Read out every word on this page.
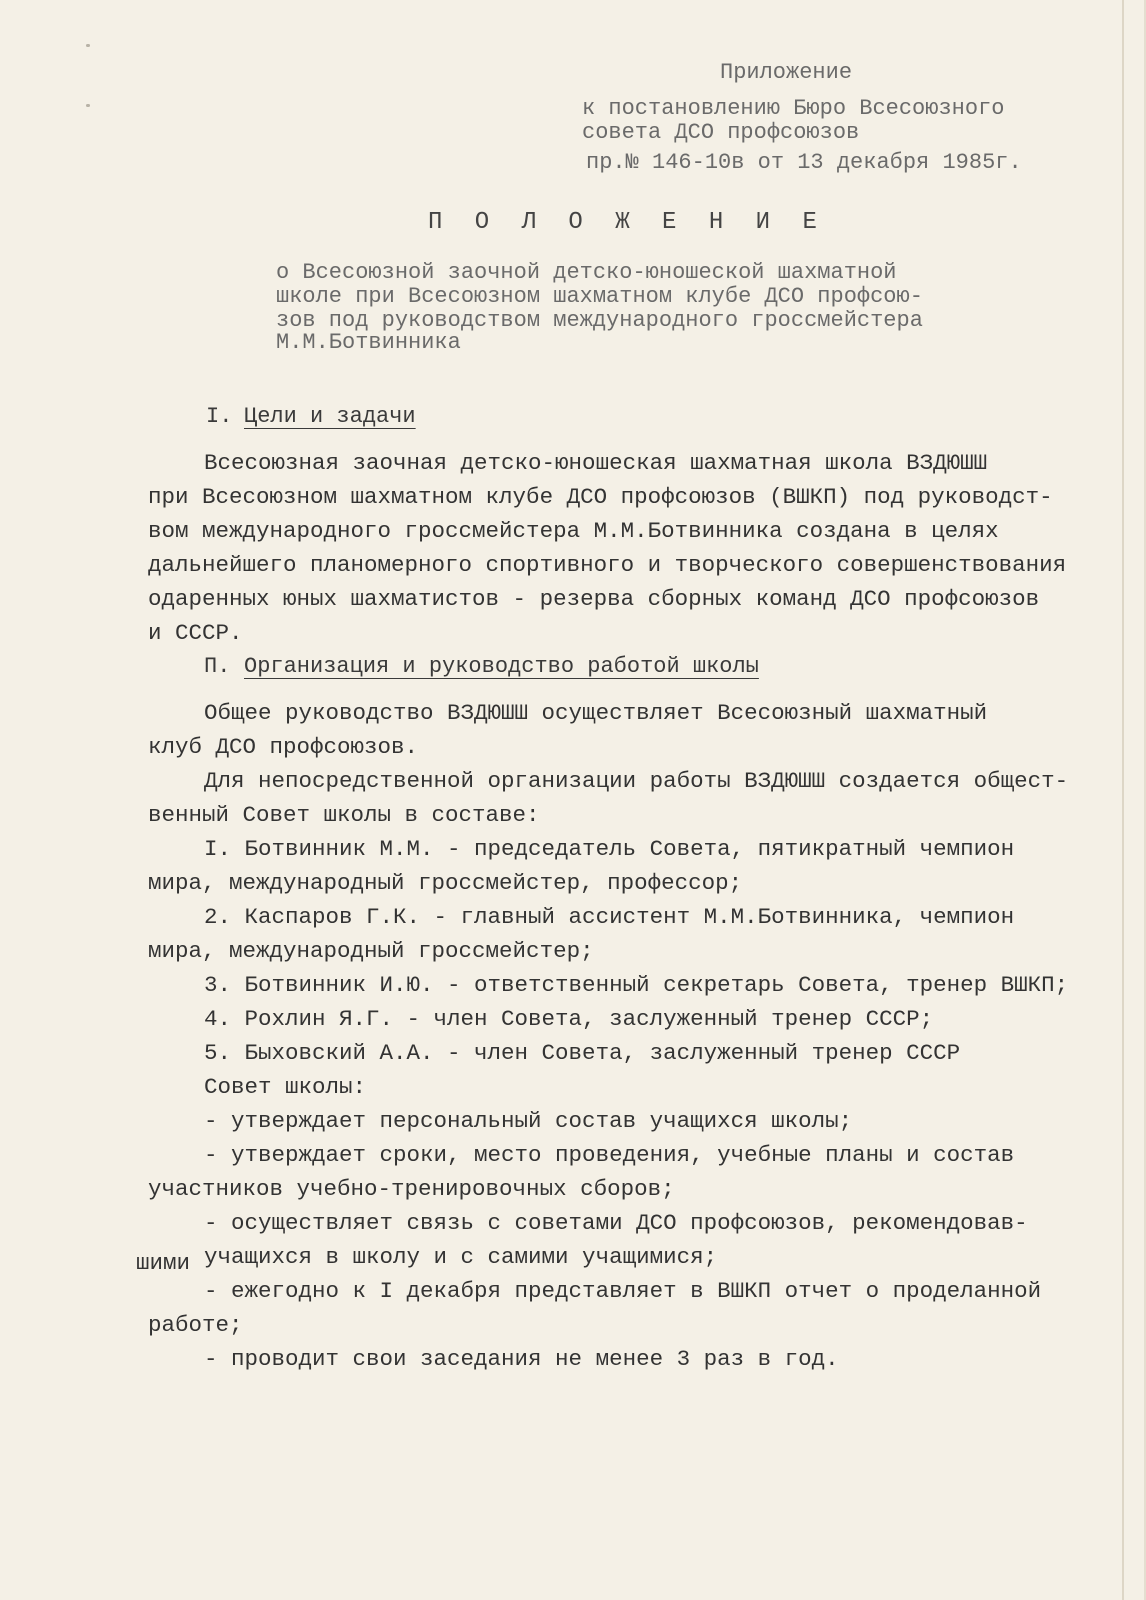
Приложение

к постановлению Бюро Всесоюзного

совета ДСО профсоюзов

пр.№ 146-10в от 13 декабря 1985г.

П О Л О Ж Е Н И Е

о Всесоюзной заочной детско-юношеской шахматной

школе при Всесоюзном шахматном клубе ДСО профсою-

зов под руководством международного гроссмейстера

М.М.Ботвинника

I. Цели и задачи

Всесоюзная заочная детско-юношеская шахматная школа ВЗДЮШШ

при Всесоюзном шахматном клубе ДСО профсоюзов (ВШКП) под руководст-

вом международного гроссмейстера М.М.Ботвинника создана в целях

дальнейшего планомерного спортивного и творческого совершенствования

одаренных юных шахматистов - резерва сборных команд ДСО профсоюзов

и СССР.

П. Организация и руководство работой школы

Общее руководство ВЗДЮШШ осуществляет Всесоюзный шахматный

клуб ДСО профсоюзов.

Для непосредственной организации работы ВЗДЮШШ создается общест-

венный Совет школы в составе:

I. Ботвинник М.М. - председатель Совета, пятикратный чемпион

мира, международный гроссмейстер, профессор;

2. Каспаров Г.К. - главный ассистент М.М.Ботвинника, чемпион

мира, международный гроссмейстер;

3. Ботвинник И.Ю. - ответственный секретарь Совета, тренер ВШКП;

4. Рохлин Я.Г. - член Совета, заслуженный тренер СССР;

5. Быховский А.А. - член Совета, заслуженный тренер СССР

Совет школы:

- утверждает персональный состав учащихся школы;

- утверждает сроки, место проведения, учебные планы и состав

участников учебно-тренировочных сборов;

- осуществляет связь с советами ДСО профсоюзов, рекомендовав-

шими учащихся в школу и с самими учащимися;

- ежегодно к I декабря представляет в ВШКП отчет о проделанной

работе;

- проводит свои заседания не менее 3 раз в год.
